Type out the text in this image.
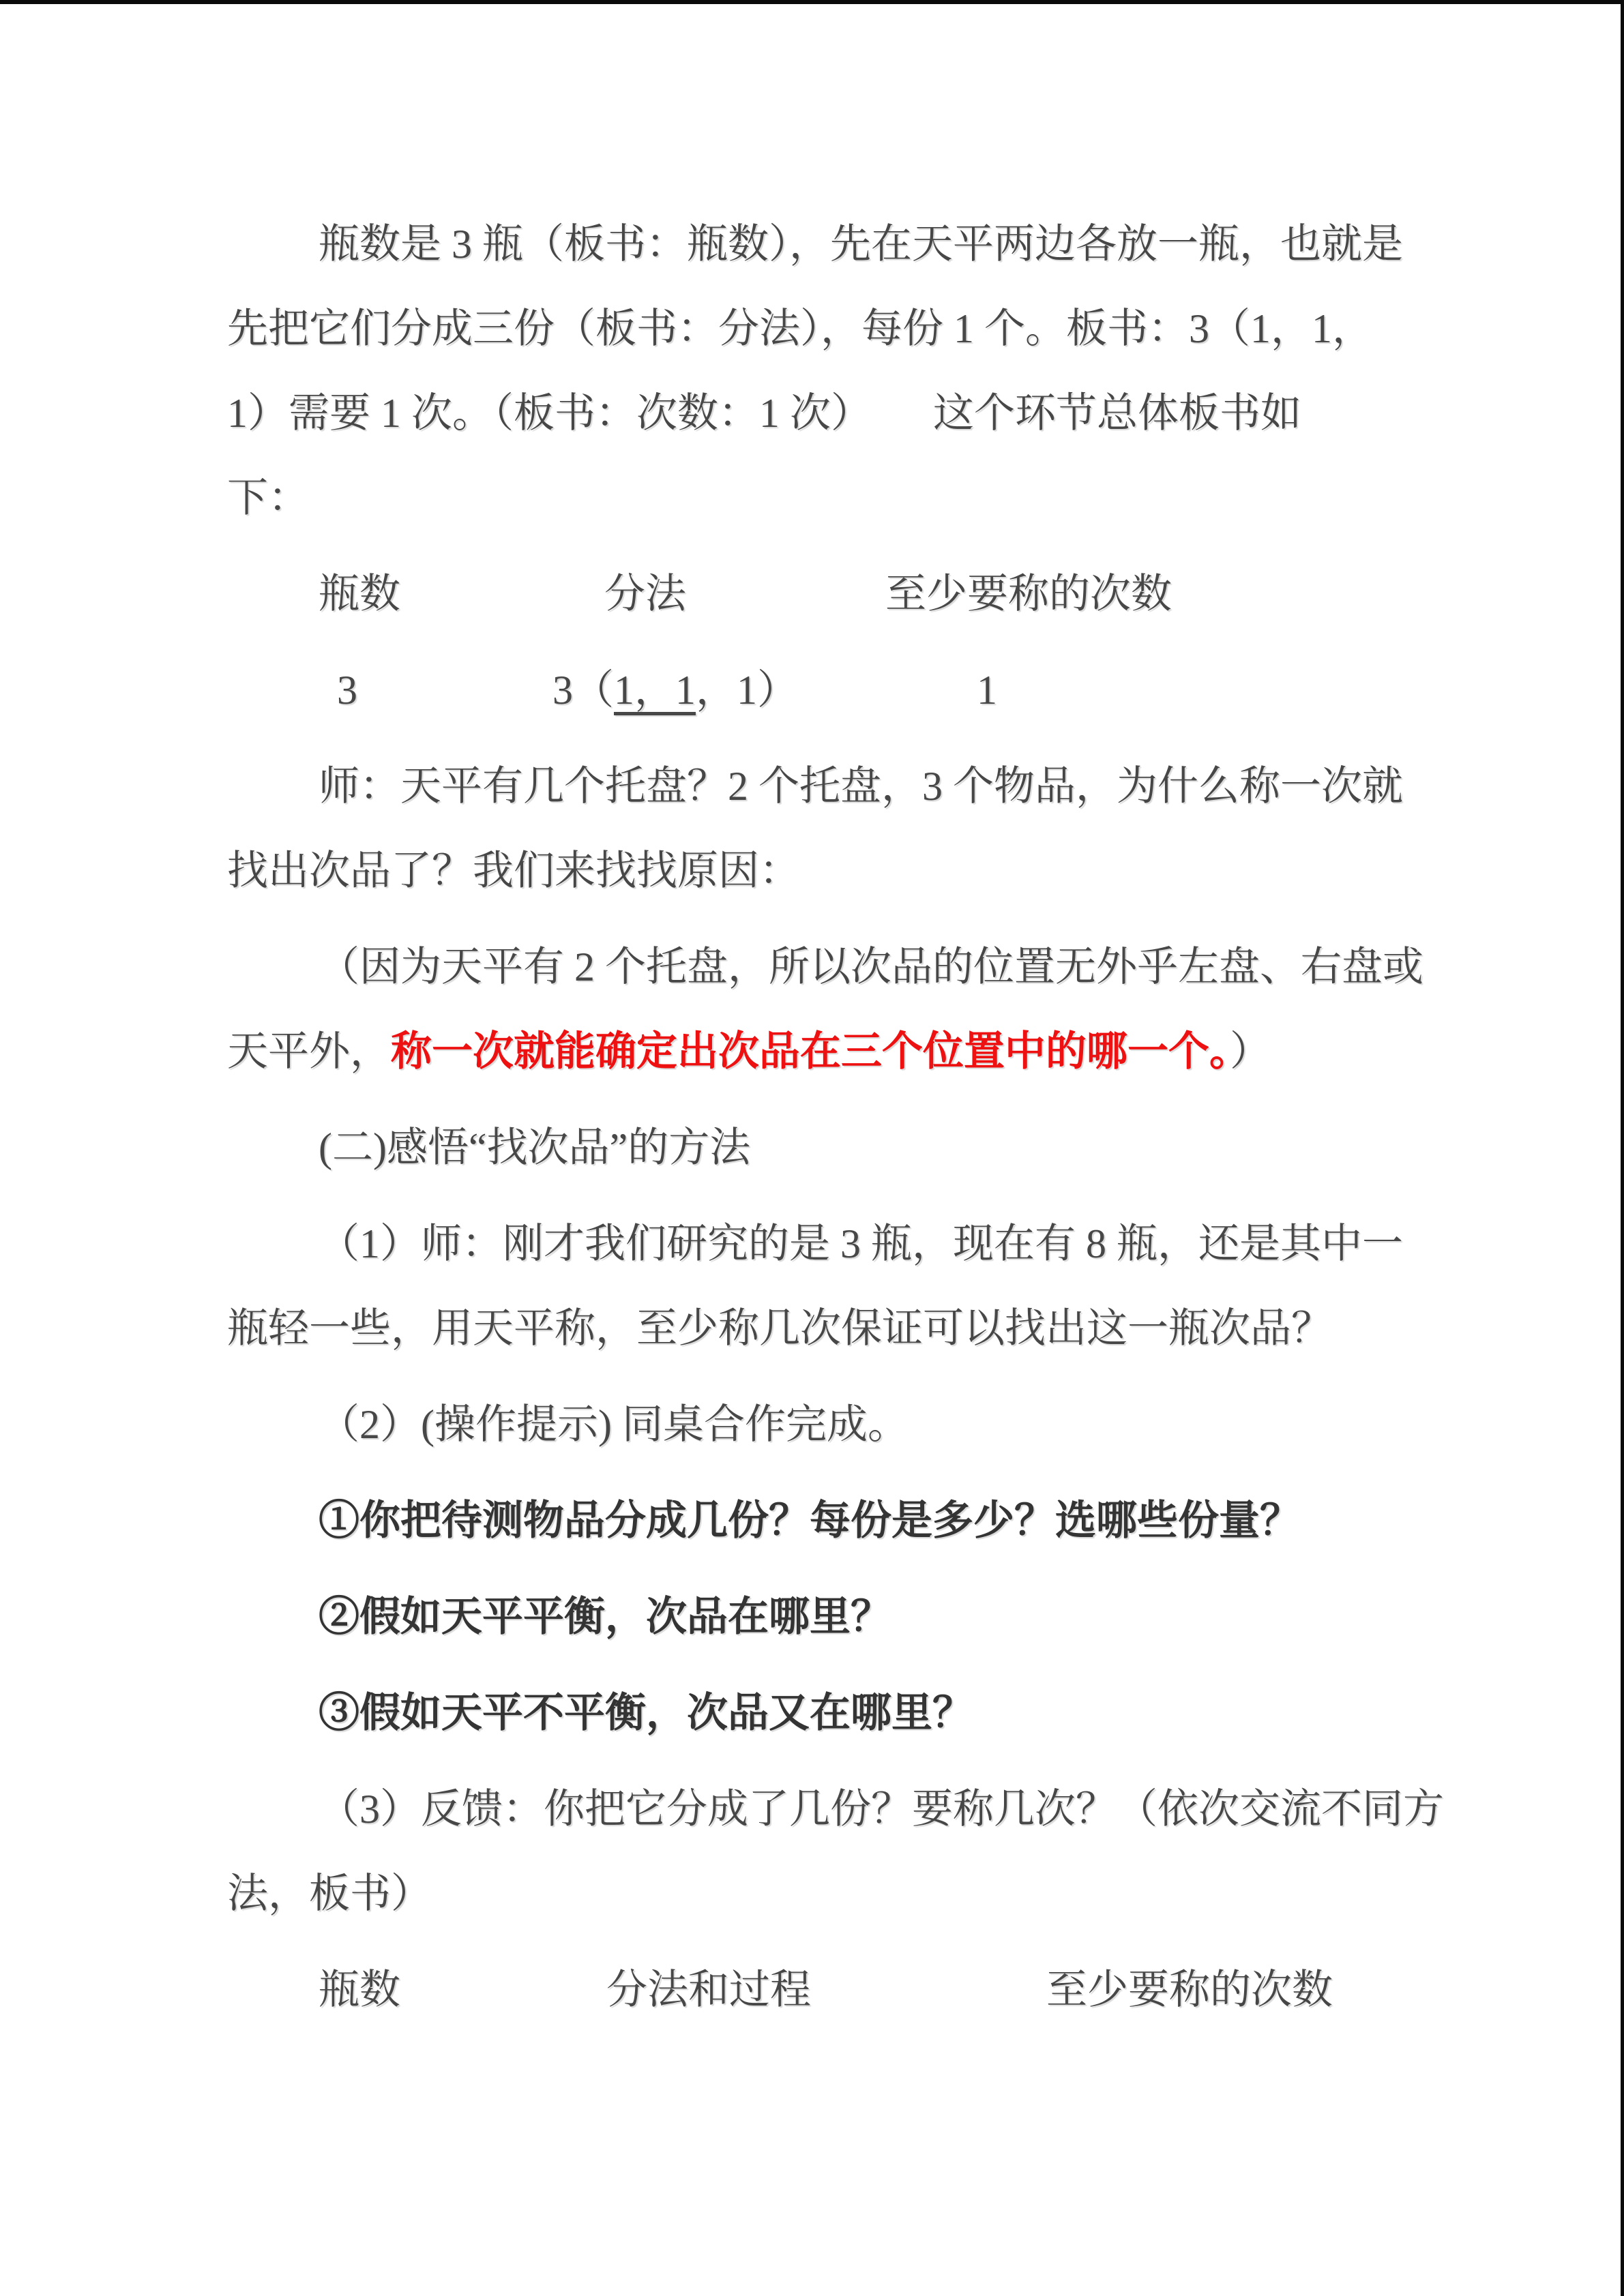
瓶数是 3 瓶（板书：瓶数），先在天平两边各放一瓶，也就是

先把它们分成三份（板书：分法），每份 1 个。板书：3（1，1，

1）需要 1 次。（板书：次数：1 次）　　这个环节总体板书如

下：

瓶数	分法	至少要称的次数
3	3（1，1，1）	1

师：天平有几个托盘？2 个托盘，3 个物品，为什么称一次就

找出次品了？我们来找找原因：

（因为天平有 2 个托盘，所以次品的位置无外乎左盘、右盘或

天平外，称一次就能确定出次品在三个位置中的哪一个。）

(二)感悟“找次品”的方法

（1）师：刚才我们研究的是 3 瓶，现在有 8 瓶，还是其中一

瓶轻一些，用天平称，至少称几次保证可以找出这一瓶次品？

（2）(操作提示) 同桌合作完成。

①你把待测物品分成几份？每份是多少？选哪些份量？

②假如天平平衡，次品在哪里？

③假如天平不平衡，次品又在哪里？

（3）反馈：你把它分成了几份？要称几次？（依次交流不同方

法，板书）

瓶数	分法和过程	至少要称的次数
